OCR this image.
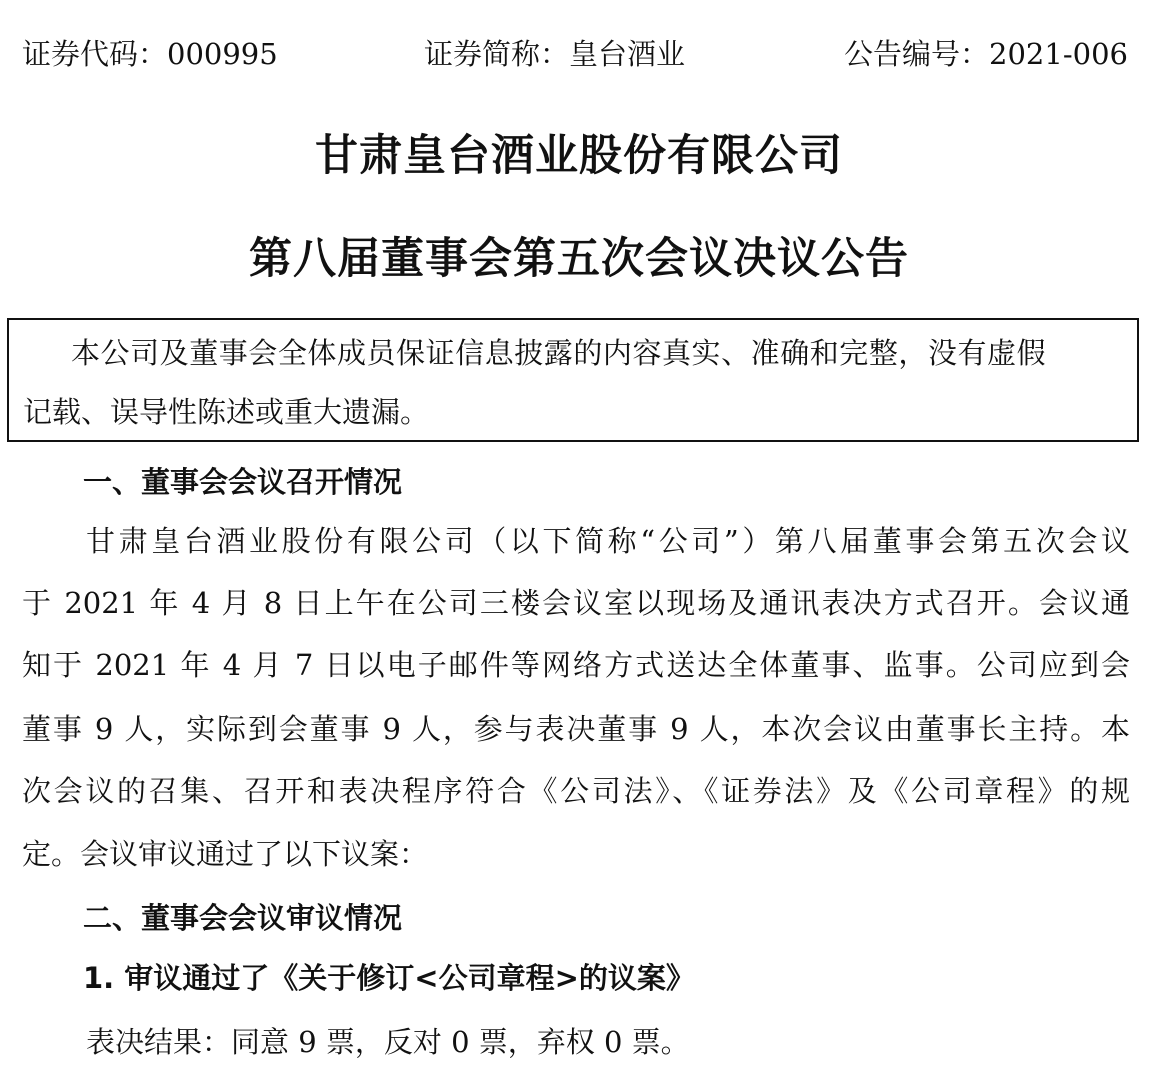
证券代码：000995	证券简称：皇台酒业	公告编号：2021-006
甘肃皇台酒业股份有限公司
第八届董事会第五次会议决议公告
本公司及董事会全体成员保证信息披露的内容真实、准确和完整，没有虚假
记载、误导性陈述或重大遗漏。
一、董事会会议召开情况
甘肃皇台酒业股份有限公司（以下简称“公司”）第八届董事会第五次会议
于 2021 年 4 月 8 日上午在公司三楼会议室以现场及通讯表决方式召开。会议通
知于 2021 年 4 月 7 日以电子邮件等网络方式送达全体董事、监事。公司应到会
董事 9 人，实际到会董事 9 人，参与表决董事 9 人，本次会议由董事长主持。本
次会议的召集、召开和表决程序符合《公司法》、《证券法》及《公司章程》的规
定。会议审议通过了以下议案：
二、董事会会议审议情况
1. 审议通过了《关于修订<公司章程>的议案》
表决结果：同意 9 票，反对 0 票，弃权 0 票。
